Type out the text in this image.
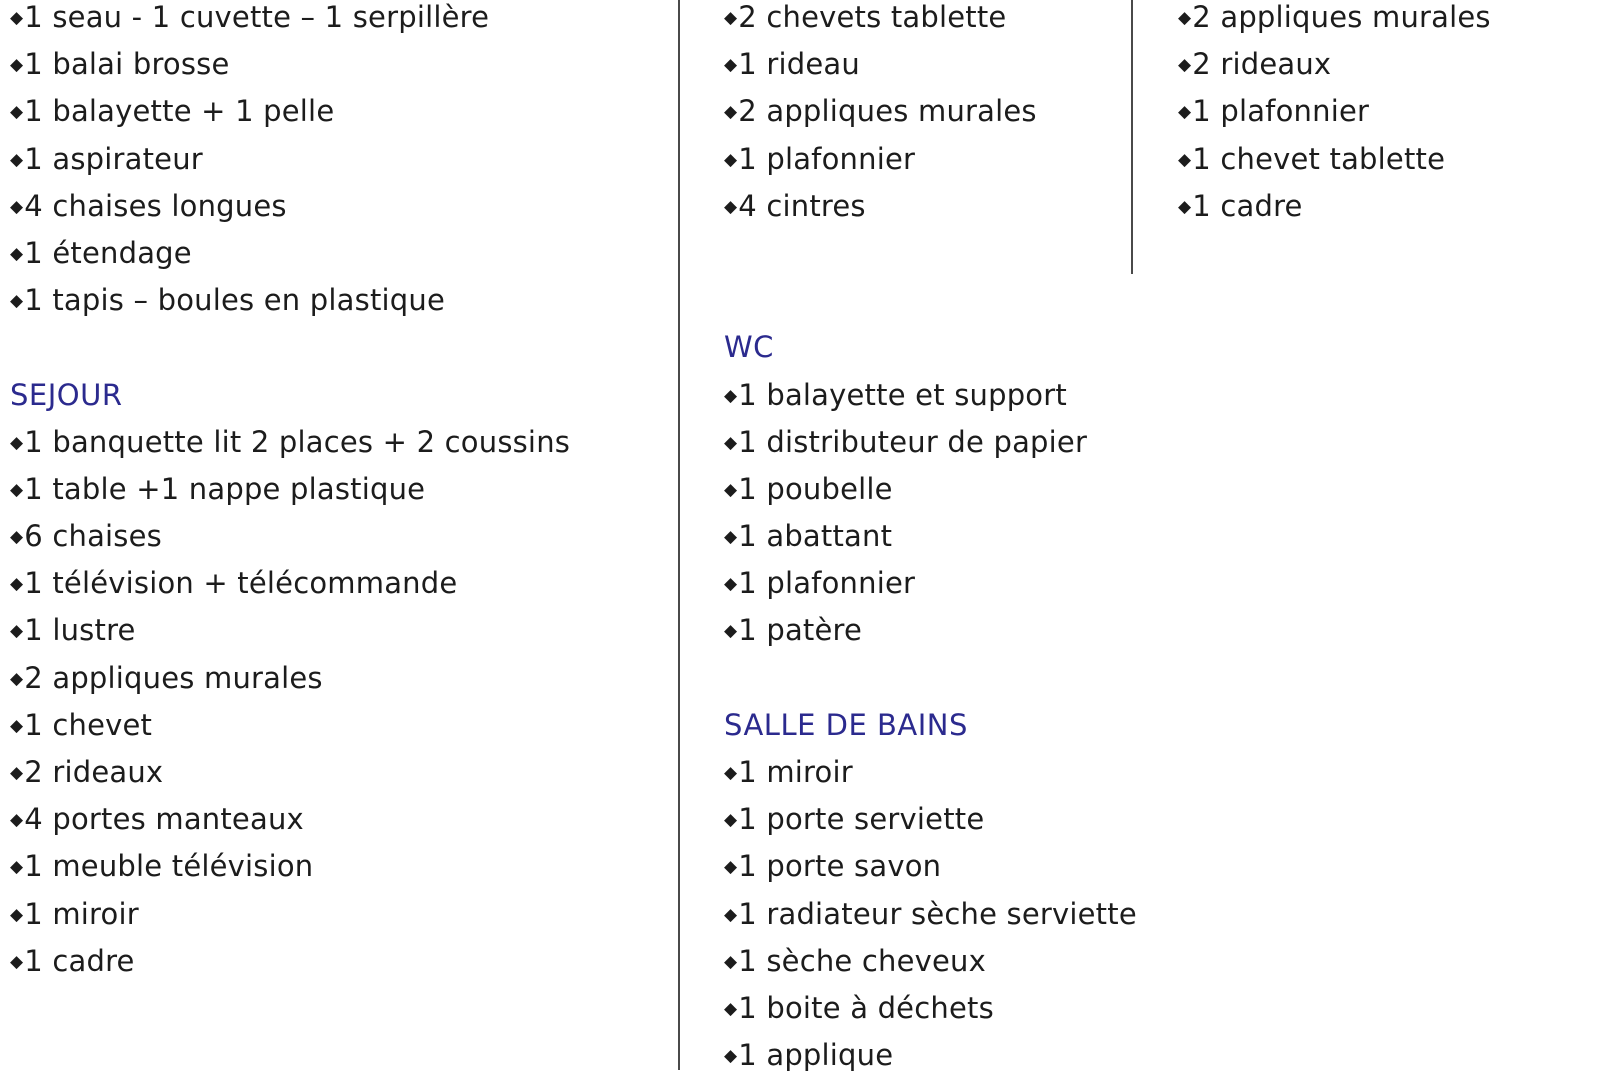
◆1 seau - 1 cuvette – 1 serpillère
◆1 balai brosse
◆1 balayette + 1 pelle
◆1 aspirateur
◆4 chaises longues
◆1 étendage
◆1 tapis – boules en plastique
SEJOUR
◆1 banquette lit 2 places + 2 coussins
◆1 table +1 nappe plastique
◆6 chaises
◆1 télévision + télécommande
◆1 lustre
◆2 appliques murales
◆1 chevet
◆2 rideaux
◆4 portes manteaux
◆1 meuble télévision
◆1 miroir
◆1 cadre
◆2 chevets tablette
◆1 rideau
◆2 appliques murales
◆1 plafonnier
◆4 cintres
WC
◆1 balayette et support
◆1 distributeur de papier
◆1 poubelle
◆1 abattant
◆1 plafonnier
◆1 patère
SALLE DE BAINS
◆1 miroir
◆1 porte serviette
◆1 porte savon
◆1 radiateur sèche serviette
◆1 sèche cheveux
◆1 boite à déchets
◆1 applique
◆2 appliques murales
◆2 rideaux
◆1 plafonnier
◆1 chevet tablette
◆1 cadre
